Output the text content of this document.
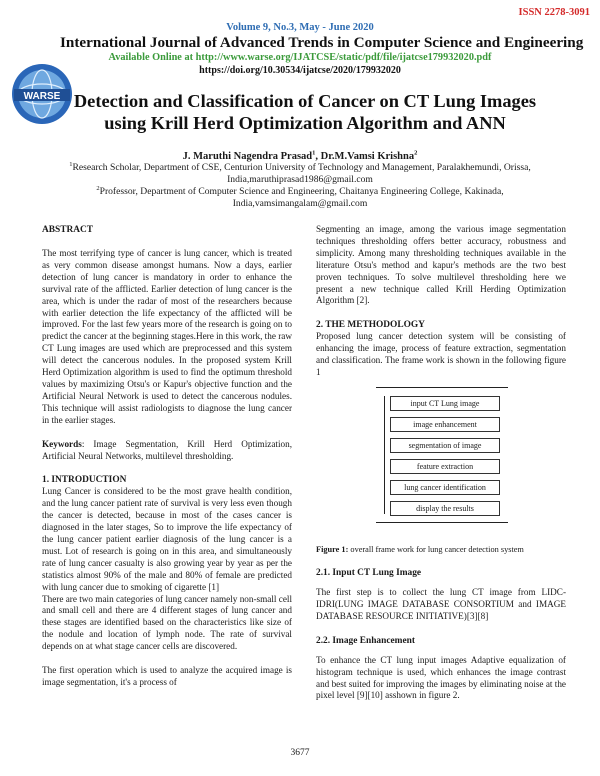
ISSN 2278-3091
Volume 9, No.3, May - June 2020
International Journal of Advanced Trends in Computer Science and Engineering
Available Online at http://www.warse.org/IJATCSE/static/pdf/file/ijatcse179932020.pdf
https://doi.org/10.30534/ijatcse/2020/179932020
WARSE Detection and Classification of Cancer on CT Lung Images
using Krill Herd Optimization Algorithm and ANN
J. Maruthi Nagendra Prasad$^1$, Dr.M.Vamsi Krishna$^2$
$^1$Research Scholar, Department of CSE, Centurion University of Technology and Management, Paralakhemundi, Orissa,
India,maruthiprasad1986@gmail.com
$^2$Professor, Department of Computer Science and Engineering, Chaitanya Engineering College, Kakinada,
India,vamsimangalam@gmail.com
ABSTRACT
The most terrifying type of cancer is lung cancer, which is treated as very common disease amongst humans. Now a days, earlier detection of lung cancer is mandatory in order to enhance the survival rate of the afflicted. Earlier detection of lung cancer is the area, which is under the radar of most of the researchers because with earlier detection the life expectancy of the afflicted will be improved. For the last few years more of the research is going on to predict the cancer at the beginning stages.Here in this work, the raw CT Lung images are used which are preprocessed and this system will detect the cancerous nodules. In the proposed system Krill Herd Optimization algorithm is used to find the optimum threshold values by maximizing Otsu's or Kapur's objective function and the Artificial Neural Network is used to detect the cancerous nodules. This technique will assist radiologists to diagnose the lung cancer in the earlier stages.
Keywords: Image Segmentation, Krill Herd Optimization, Artificial Neural Networks, multilevel thresholding.
1. INTRODUCTION
Lung Cancer is considered to be the most grave health condition, and the lung cancer patient rate of survival is very less even though the cancer is detected, because in most of the cases cancer is diagnosed in the later stages, So to improve the life expectancy of the lung cancer patient earlier diagnosis of the lung cancer is a must. Lot of research is going on in this area, and simultaneously rate of lung cancer casualty is also growing year by year as per the statistics almost 90% of the male and 80% of female are predicted with lung cancer due to smoking of cigarette [1]
There are two main categories of lung cancer namely non-small cell and small cell and there are 4 different stages of lung cancer and these stages are identified based on the characteristics like size of the nodule and location of lymph node. The rate of survival depends on at what stage cancer cells are discovered.
The first operation which is used to analyze the acquired image is image segmentation, it's a process of
Segmenting an image, among the various image segmentation techniques thresholding offers better accuracy, robustness and simplicity. Among many thresholding techniques available in the literature Otsu's method and kapur's methods are the two best proven techniques. To solve multilevel thresholding here we present a new technique called Krill Herding Optimization Algorithm [2].
2. THE METHODOLOGY
Proposed lung cancer detection system will be consisting of enhancing the image, process of feature extraction, segmentation and classification. The frame work is shown in the following figure 1
input CT Lung image
image enhancement
segmentation of image
feature extraction
lung cancer identification
display the results
Figure 1: overall frame work for lung cancer detection system
2.1. Input CT Lung Image
The first step is to collect the lung CT image from LIDC-IDRI(LUNG IMAGE DATABASE CONSORTIUM and IMAGE DATABASE RESOURCE INITIATIVE)[3][8]
2.2. Image Enhancement
To enhance the CT lung input images Adaptive equalization of histogram technique is used, which enhances the image contrast and best suited for improving the images by eliminating noise at the pixel level [9][10] asshown in figure 2.
3677
